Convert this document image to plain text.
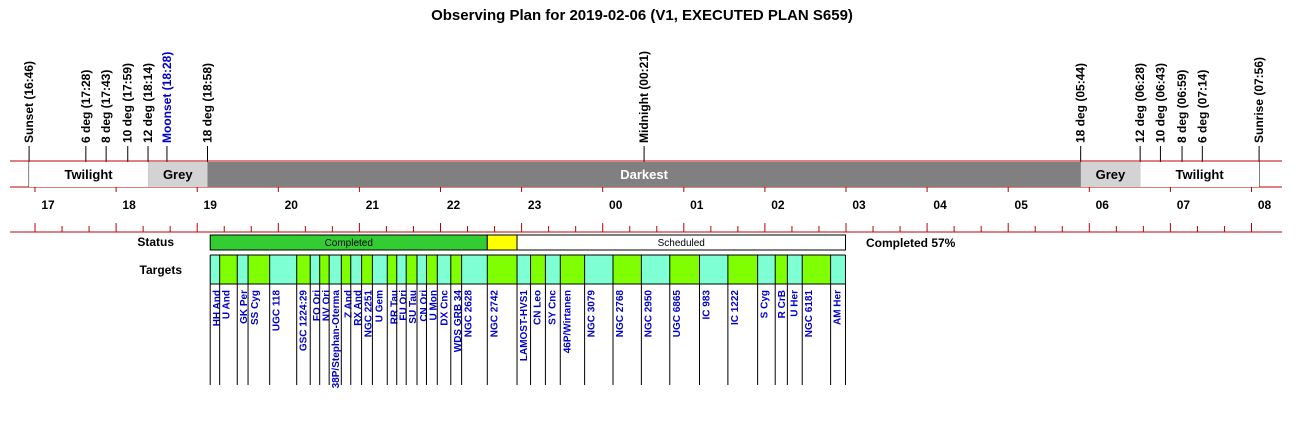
Observing Plan for 2019-02-06 (V1, EXECUTED PLAN S659)
Sunset (16:46)	6 deg (17:28) 8 deg (17:43) 10 deg (17:59) 12 deg (18:14) Moonset (18:28) 18 deg (18:58)	Midnight (00:21)	18 deg (05:44)	12 deg (06:28) 10 deg (06:43) 8 deg (06:59) 6 deg (07:14)	Sunrise (07:56)
Twilight	Grey	Darkest	Grey	Twilight
17	18	19	20	21	22	23	00	01	02	03	04	05	06	07	08
Status	Completed	Scheduled	Completed 57%
Targets
HH And
U And GK Per SS Cyg UGC 118 GSC 1224:29 FO Ori
NV Ori
38P/Stephan-Oterma Z And
RX And NGC 2251 U Gem RR Tau
FU Ori
SU Tau CN Ori
U Mon DX Cnc WDS GRB 34 NGC 2628 NGC 2742 LAMOST-HVS1 CN Leo SY Cnc 46P/Wirtanen NGC 3079 NGC 2768 NGC 2950 UGC 6865 IC 983 IC 1222 S Cyg R CrB U Her NGC 6181 AM Her
